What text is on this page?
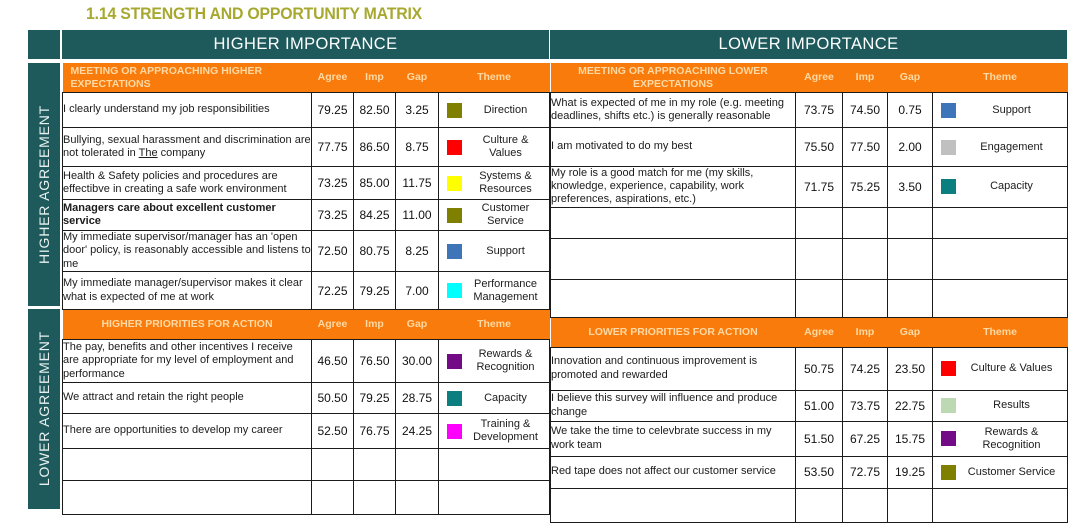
1.14 STRENGTH AND OPPORTUNITY MATRIX
HIGHER AGREEMENT
LOWER AGREEMENT
HIGHER IMPORTANCE
MEETING OR APPROACHING HIGHER EXPECTATIONS	Agree	Imp	Gap	Theme
I clearly understand my job responsibilities	79.25	82.50	3.25	Direction

Bullying, sexual harassment and discrimination are not tolerated in The company	77.75	86.50	8.75	Culture & Values

Health & Safety policies and procedures are effectibve in creating a safe work environment	73.25	85.00	11.75	Systems & Resources

Managers care about excellent customer service	73.25	84.25	11.00	Customer Service

My immediate supervisor/manager has an 'open door' policy, is reasonably accessible and listens to me	72.50	80.75	8.25	Support

My immediate manager/supervisor makes it clear what is expected of me at work	72.25	79.25	7.00	Performance Management

HIGHER PRIORITIES FOR ACTION	Agree	Imp	Gap	Theme
The pay, benefits and other incentives I receive are appropriate for my level of employment and performance	46.50	76.50	30.00	Rewards & Recognition

We attract and retain the right people	50.50	79.25	28.75	Capacity

There are opportunities to develop my career	52.50	76.75	24.25	Training & Development

LOWER IMPORTANCE
MEETING OR APPROACHING LOWER EXPECTATIONS	Agree	Imp	Gap	Theme
What is expected of me in my role (e.g. meeting deadlines, shifts etc.) is generally reasonable	73.75	74.50	0.75	Support

I am motivated to do my best	75.50	77.50	2.00	Engagement

My role is a good match for me (my skills, knowledge, experience, capability, work preferences, aspirations, etc.)	71.75	75.25	3.50	Capacity

LOWER PRIORITIES FOR ACTION	Agree	Imp	Gap	Theme
Innovation and continuous improvement is promoted and rewarded	50.75	74.25	23.50	Culture & Values

I believe this survey will influence and produce change	51.00	73.75	22.75	Results

We take the time to celevbrate success in my work team	51.50	67.25	15.75	Rewards & Recognition

Red tape does not affect our customer service	53.50	72.75	19.25	Customer Service
